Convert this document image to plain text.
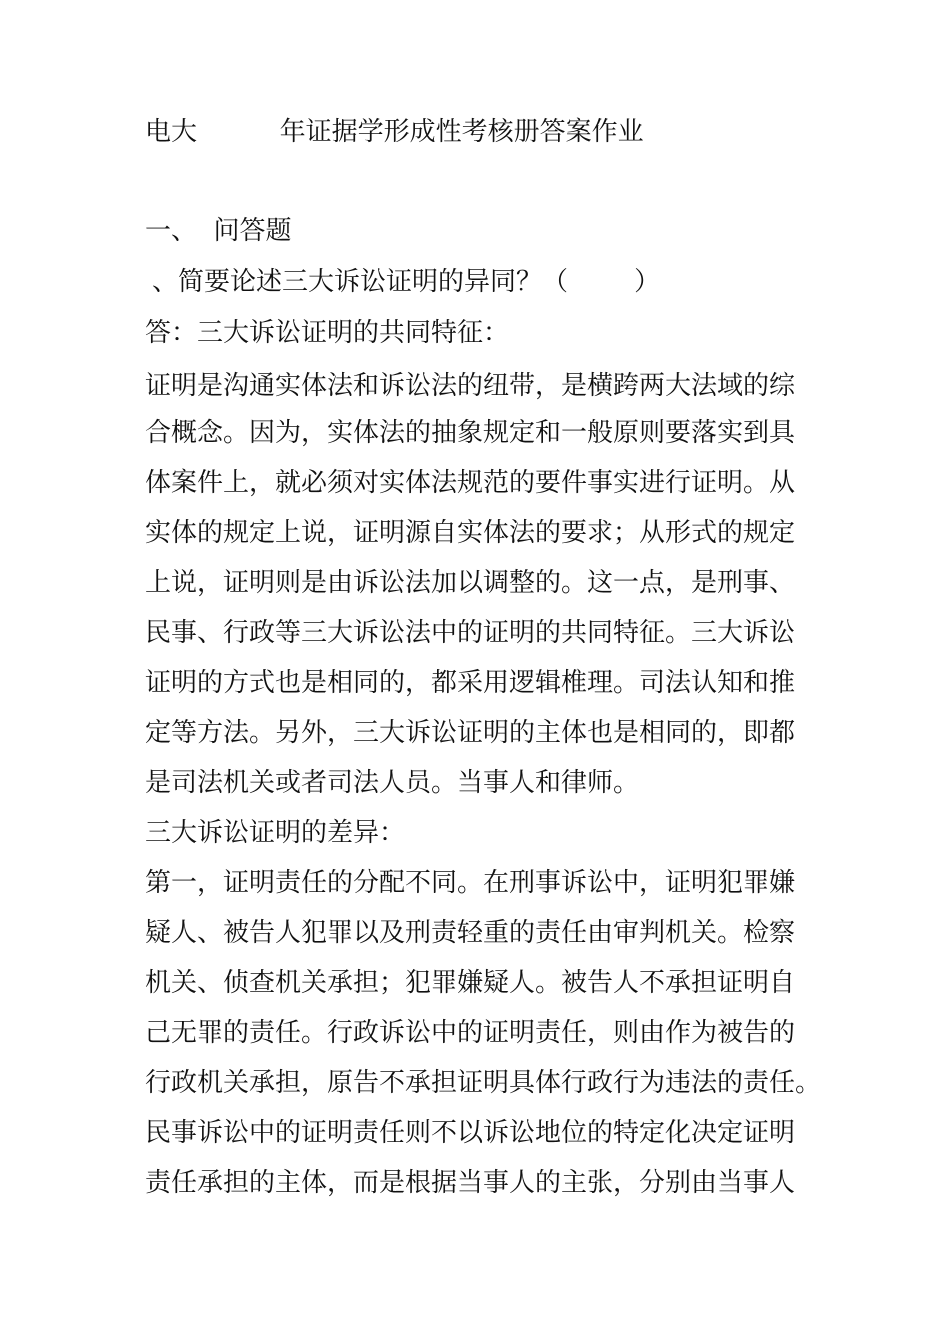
电大          年证据学形成性考核册答案作业
一、  问答题
、简要论述三大诉讼证明的异同？（        ）
答：三大诉讼证明的共同特征：
证明是沟通实体法和诉讼法的纽带，是横跨两大法域的综
合概念。因为，实体法的抽象规定和一般原则要落实到具
体案件上，就必须对实体法规范的要件事实进行证明。从
实体的规定上说，证明源自实体法的要求；从形式的规定
上说，证明则是由诉讼法加以调整的。这一点，是刑事、
民事、行政等三大诉讼法中的证明的共同特征。三大诉讼
证明的方式也是相同的，都采用逻辑椎理。司法认知和推
定等方法。另外，三大诉讼证明的主体也是相同的，即都
是司法机关或者司法人员。当事人和律师。
三大诉讼证明的差异：
第一，证明责任的分配不同。在刑事诉讼中，证明犯罪嫌
疑人、被告人犯罪以及刑责轻重的责任由审判机关。检察
机关、侦查机关承担；犯罪嫌疑人。被告人不承担证明自
己无罪的责任。行政诉讼中的证明责任，则由作为被告的
行政机关承担，原告不承担证明具体行政行为违法的责任。
民事诉讼中的证明责任则不以诉讼地位的特定化决定证明
责任承担的主体，而是根据当事人的主张，分别由当事人
